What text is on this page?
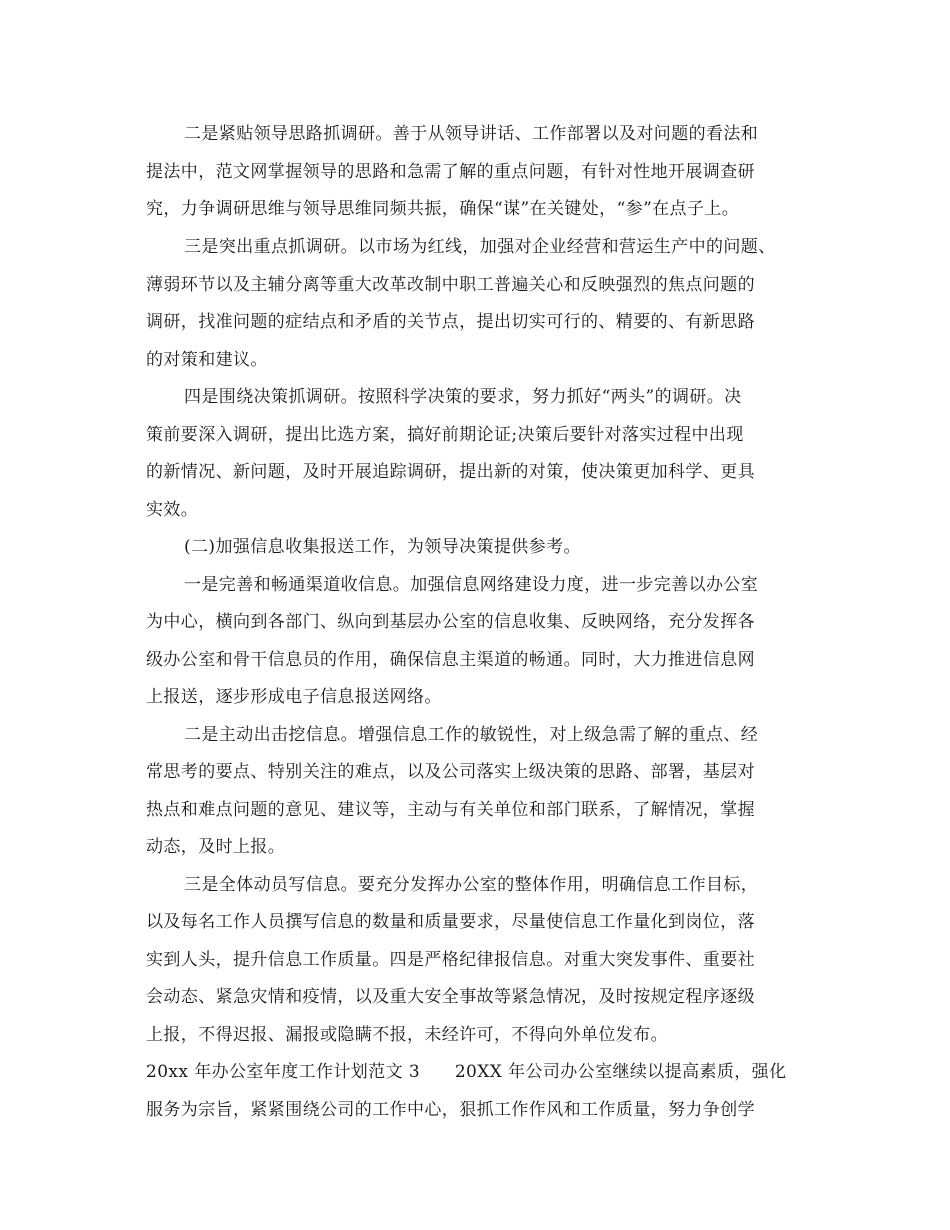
二是紧贴领导思路抓调研。善于从领导讲话、工作部署以及对问题的看法和
提法中，范文网掌握领导的思路和急需了解的重点问题，有针对性地开展调查研
究，力争调研思维与领导思维同频共振，确保“谋”在关键处，“参”在点子上。
三是突出重点抓调研。以市场为红线，加强对企业经营和营运生产中的问题、
薄弱环节以及主辅分离等重大改革改制中职工普遍关心和反映强烈的焦点问题的
调研，找准问题的症结点和矛盾的关节点，提出切实可行的、精要的、有新思路
的对策和建议。
四是围绕决策抓调研。按照科学决策的要求，努力抓好“两头”的调研。决
策前要深入调研，提出比选方案，搞好前期论证;决策后要针对落实过程中出现
的新情况、新问题，及时开展追踪调研，提出新的对策，使决策更加科学、更具
实效。
(二)加强信息收集报送工作，为领导决策提供参考。
一是完善和畅通渠道收信息。加强信息网络建设力度，进一步完善以办公室
为中心，横向到各部门、纵向到基层办公室的信息收集、反映网络，充分发挥各
级办公室和骨干信息员的作用，确保信息主渠道的畅通。同时，大力推进信息网
上报送，逐步形成电子信息报送网络。
二是主动出击挖信息。增强信息工作的敏锐性，对上级急需了解的重点、经
常思考的要点、特别关注的难点，以及公司落实上级决策的思路、部署，基层对
热点和难点问题的意见、建议等，主动与有关单位和部门联系，了解情况，掌握
动态，及时上报。
三是全体动员写信息。要充分发挥办公室的整体作用，明确信息工作目标，
以及每名工作人员撰写信息的数量和质量要求，尽量使信息工作量化到岗位，落
实到人头，提升信息工作质量。四是严格纪律报信息。对重大突发事件、重要社
会动态、紧急灾情和疫情，以及重大安全事故等紧急情况，及时按规定程序逐级
上报，不得迟报、漏报或隐瞒不报，未经许可，不得向外单位发布。
20xx 年办公室年度工作计划范文 3　　20XX 年公司办公室继续以提高素质，强化
服务为宗旨，紧紧围绕公司的工作中心，狠抓工作作风和工作质量，努力争创学
